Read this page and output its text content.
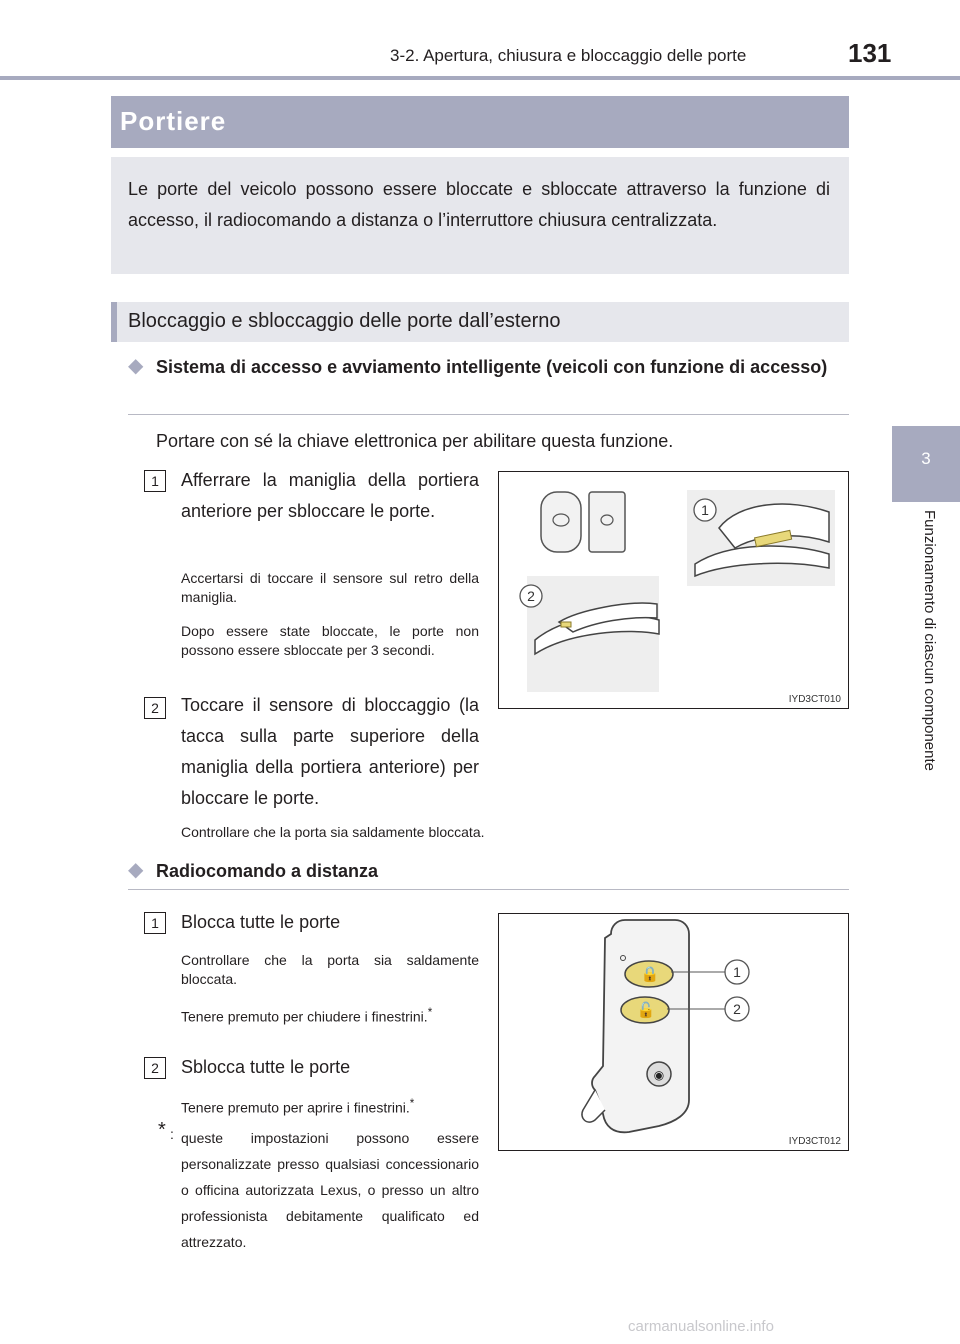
3-2. Apertura, chiusura e bloccaggio delle porte	131
3
Funzionamento di ciascun componente
Portiere

Le porte del veicolo possono essere bloccate e sbloccate attraverso la funzione di accesso, il radiocomando a distanza o l’interruttore chiusura centralizzata.

Bloccaggio e sbloccaggio delle porte dall’esterno
◆ Sistema di accesso e avviamento intelligente (veicoli con funzione di accesso)
Portare con sé la chiave elettronica per abilitare questa funzione.
1	Afferrare la maniglia della portiera anteriore per sbloccare le porte.
Accertarsi di toccare il sensore sul retro della maniglia.
Dopo essere state bloccate, le porte non possono essere sbloccate per 3 secondi.
2	Toccare il sensore di bloccaggio (la tacca sulla parte superiore della maniglia della portiera anteriore) per bloccare le porte.
Controllare che la porta sia saldamente bloccata.
1
2
IYD3CT010
◆ Radiocomando a distanza
1	Blocca tutte le porte
Controllare che la porta sia saldamente bloccata.
Tenere premuto per chiudere i finestrini.*
2	Sblocca tutte le porte
Tenere premuto per aprire i finestrini.*
* : queste impostazioni possono essere personalizzate presso qualsiasi concessionario o officina autorizzata Lexus, o presso un altro professionista debitamente qualificato ed attrezzato.
🔒
🔓
◉
1
2
IYD3CT012
carmanualsonline.info
